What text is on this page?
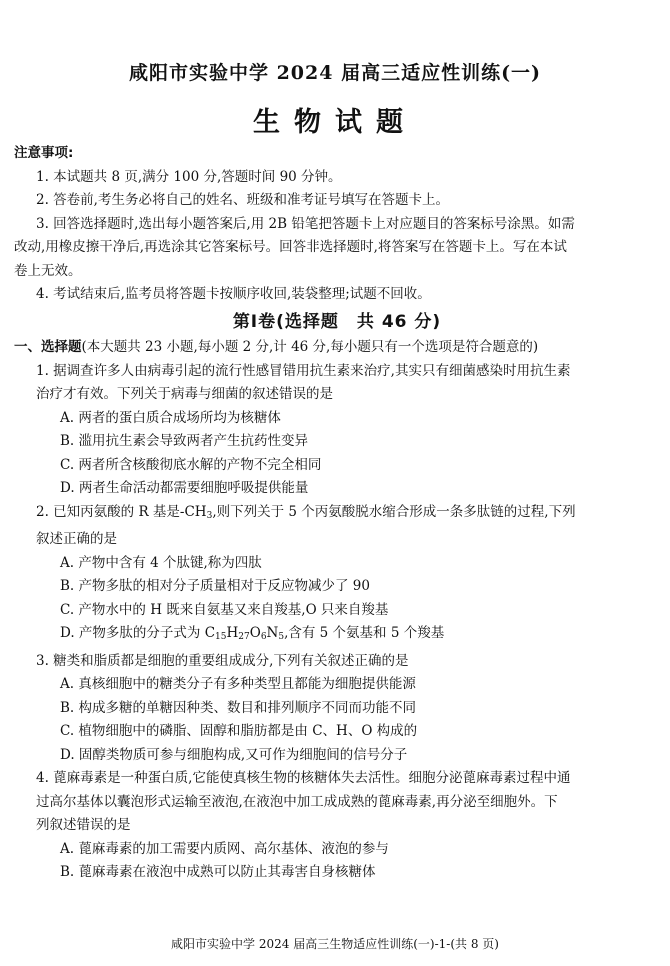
咸阳市实验中学 2024 届高三适应性训练(一)
生物试题
注意事项:
1. 本试题共 8 页,满分 100 分,答题时间 90 分钟。
2. 答卷前,考生务必将自己的姓名、班级和准考证号填写在答题卡上。
3. 回答选择题时,选出每小题答案后,用 2B 铅笔把答题卡上对应题目的答案标号涂黑。如需
改动,用橡皮擦干净后,再选涂其它答案标号。回答非选择题时,将答案写在答题卡上。写在本试
卷上无效。
4. 考试结束后,监考员将答题卡按顺序收回,装袋整理;试题不回收。
第Ⅰ卷(选择题　共 46 分)
一、选择题(本大题共 23 小题,每小题 2 分,计 46 分,每小题只有一个选项是符合题意的)
1. 据调查许多人由病毒引起的流行性感冒错用抗生素来治疗,其实只有细菌感染时用抗生素
治疗才有效。下列关于病毒与细菌的叙述错误的是
A. 两者的蛋白质合成场所均为核糖体
B. 滥用抗生素会导致两者产生抗药性变异
C. 两者所含核酸彻底水解的产物不完全相同
D. 两者生命活动都需要细胞呼吸提供能量
2. 已知丙氨酸的 R 基是$-CH_3$,则下列关于 5 个丙氨酸脱水缩合形成一条多肽链的过程,下列
叙述正确的是
A. 产物中含有 4 个肽键,称为四肽
B. 产物多肽的相对分子质量相对于反应物减少了 90
C. 产物水中的 H 既来自氨基又来自羧基,O 只来自羧基
D. 产物多肽的分子式为 $C_{15}H_{27}O_6N_5$,含有 5 个氨基和 5 个羧基
3. 糖类和脂质都是细胞的重要组成成分,下列有关叙述正确的是
A. 真核细胞中的糖类分子有多种类型且都能为细胞提供能源
B. 构成多糖的单糖因种类、数目和排列顺序不同而功能不同
C. 植物细胞中的磷脂、固醇和脂肪都是由 C、H、O 构成的
D. 固醇类物质可参与细胞构成,又可作为细胞间的信号分子
4. 蓖麻毒素是一种蛋白质,它能使真核生物的核糖体失去活性。细胞分泌蓖麻毒素过程中通
过高尔基体以囊泡形式运输至液泡,在液泡中加工成成熟的蓖麻毒素,再分泌至细胞外。下
列叙述错误的是
A. 蓖麻毒素的加工需要内质网、高尔基体、液泡的参与
B. 蓖麻毒素在液泡中成熟可以防止其毒害自身核糖体
咸阳市实验中学 2024 届高三生物适应性训练(一)-1-(共 8 页)
